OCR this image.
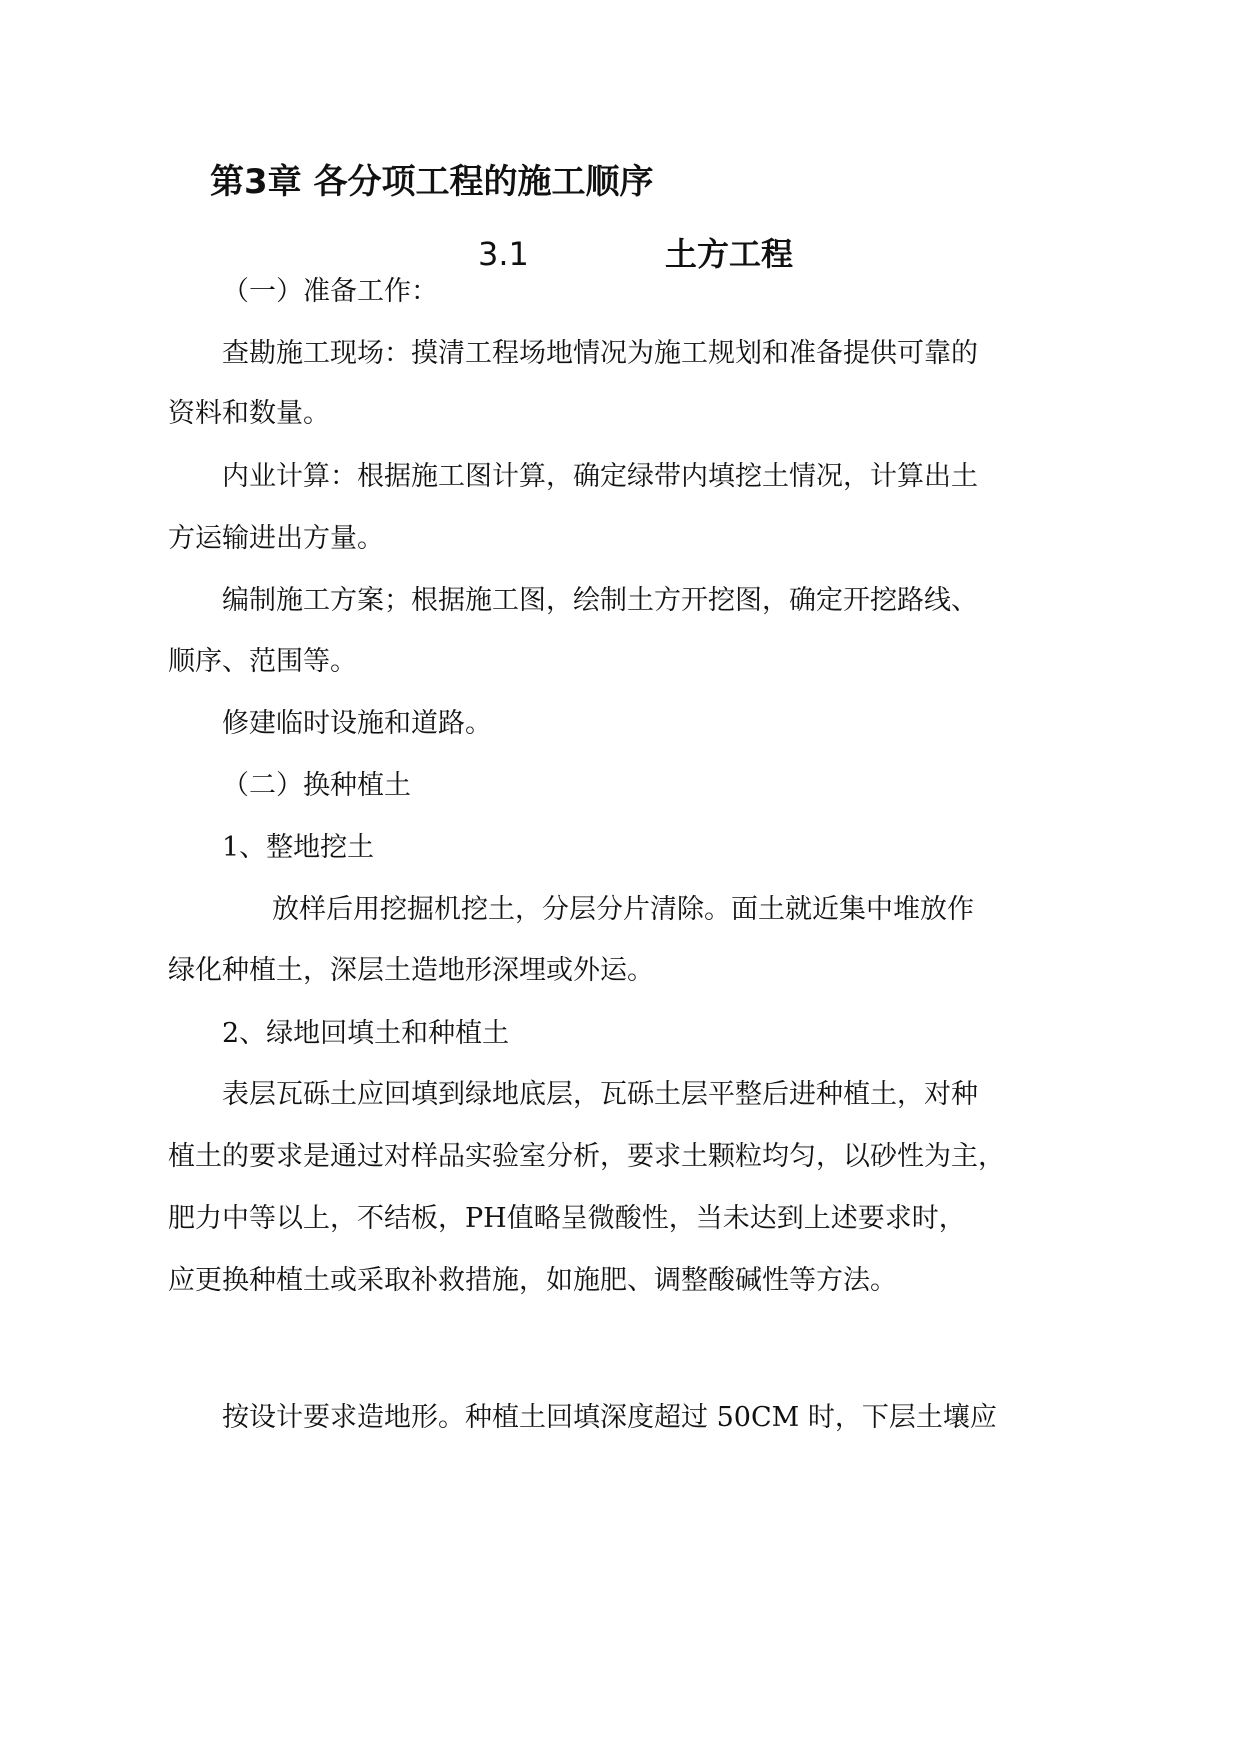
第3章 各分项工程的施工顺序
3.1	土方工程
（一）准备工作：
查勘施工现场：摸清工程场地情况为施工规划和准备提供可靠的
资料和数量。
内业计算：根据施工图计算，确定绿带内填挖土情况，计算出土
方运输进出方量。
编制施工方案；根据施工图，绘制土方开挖图，确定开挖路线、
顺序、范围等。
修建临时设施和道路。
（二）换种植土
1、整地挖土
放样后用挖掘机挖土，分层分片清除。面土就近集中堆放作
绿化种植土，深层土造地形深埋或外运。
2、绿地回填土和种植土
表层瓦砾土应回填到绿地底层，瓦砾土层平整后进种植土，对种
植土的要求是通过对样品实验室分析，要求土颗粒均匀，以砂性为主，
肥力中等以上，不结板，PH值略呈微酸性，当未达到上述要求时，
应更换种植土或采取补救措施，如施肥、调整酸碱性等方法。
按设计要求造地形。种植土回填深度超过 50CM 时，下层土壤应
